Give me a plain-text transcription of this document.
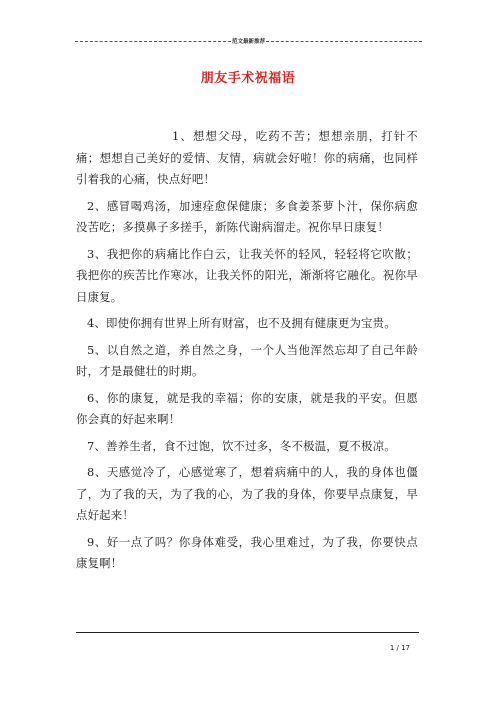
范文最新推荐
朋友手术祝福语

1、想想父母，吃药不苦；想想亲朋，打针不痛；想想自己美好的爱情、友情，病就会好啦！你的病痛，也同样引着我的心痛，快点好吧！

2、感冒喝鸡汤，加速痊愈保健康；多食姜茶萝卜汁，保你病愈没苦吃；多摸鼻子多搓手，新陈代谢病溜走。祝你早日康复！

3、我把你的病痛比作白云，让我关怀的轻风，轻轻将它吹散；我把你的疾苦比作寒冰，让我关怀的阳光，渐渐将它融化。祝你早日康复。

4、即使你拥有世界上所有财富，也不及拥有健康更为宝贵。

5、以自然之道，养自然之身，一个人当他浑然忘却了自己年龄时，才是最健壮的时期。

6、你的康复，就是我的幸福；你的安康，就是我的平安。但愿你会真的好起来啊！

7、善养生者，食不过饱，饮不过多，冬不极温，夏不极凉。

8、天感觉冷了，心感觉寒了，想着病痛中的人，我的身体也僵了，为了我的天，为了我的心，为了我的身体，你要早点康复，早点好起来！

9、好一点了吗？你身体难受，我心里难过，为了我，你要快点康复啊！

1 / 17
